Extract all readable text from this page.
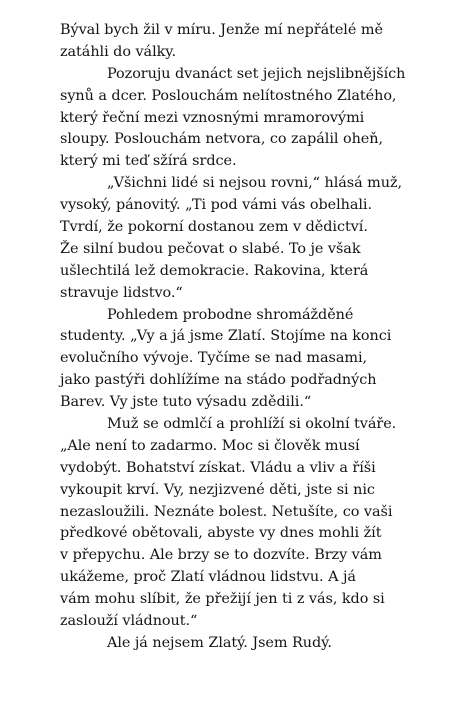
Býval bych žil v míru. Jenže mí nepřátelé mě
zatáhli do války.
Pozoruju dvanáct set jejich nejslibnějších
synů a dcer. Poslouchám nelítostného Zlatého,
který řeční mezi vznosnými mramorovými
sloupy. Poslouchám netvora, co zapálil oheň,
který mi teď sžírá srdce.
„Všichni lidé si nejsou rovni,“ hlásá muž,
vysoký, pánovitý. „Ti pod vámi vás obelhali.
Tvrdí, že pokorní dostanou zem v dědictví.
Že silní budou pečovat o slabé. To je však
ušlechtilá lež demokracie. Rakovina, která
stravuje lidstvo.“
Pohledem probodne shromážděné
studenty. „Vy a já jsme Zlatí. Stojíme na konci
evolučního vývoje. Tyčíme se nad masami,
jako pastýři dohlížíme na stádo podřadných
Barev. Vy jste tuto výsadu zdědili.“
Muž se odmlčí a prohlíží si okolní tváře.
„Ale není to zadarmo. Moc si člověk musí
vydobýt. Bohatství získat. Vládu a vliv a říši
vykoupit krví. Vy, nezjizvené děti, jste si nic
nezasloužili. Neznáte bolest. Netušíte, co vaši
předkové obětovali, abyste vy dnes mohli žít
v přepychu. Ale brzy se to dozvíte. Brzy vám
ukážeme, proč Zlatí vládnou lidstvu. A já
vám mohu slíbit, že přežijí jen ti z vás, kdo si
zaslouží vládnout.“
Ale já nejsem Zlatý. Jsem Rudý.
